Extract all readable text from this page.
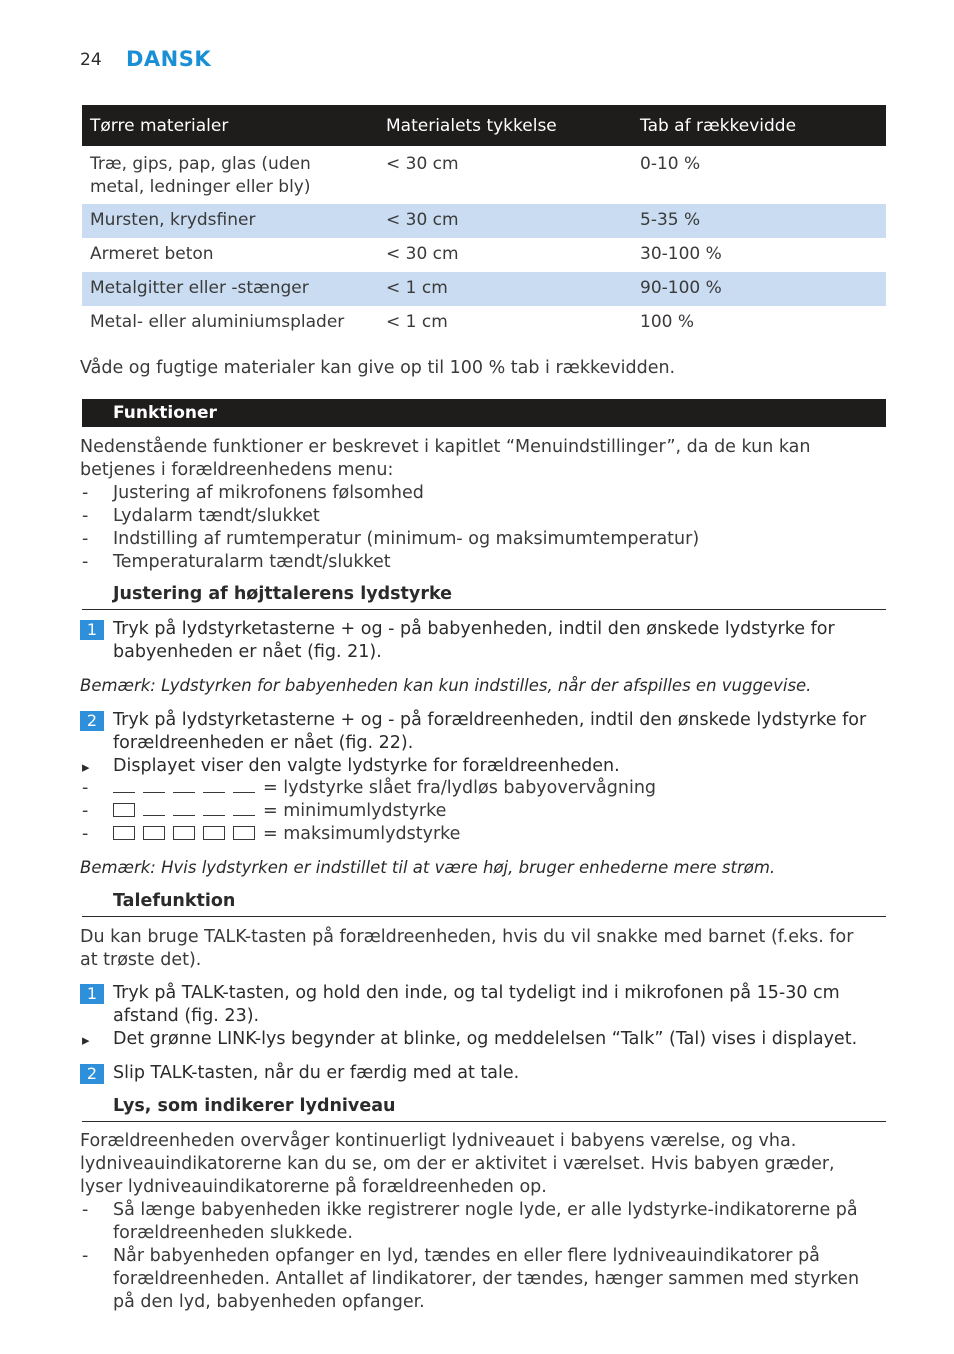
24 DANSK
Tørre materialer	Materialets tykkelse	Tab af rækkevidde
Træ, gips, pap, glas (uden metal, ledninger eller bly)	< 30 cm	0-10 %
Mursten, krydsfiner	< 30 cm	5-35 %
Armeret beton	< 30 cm	30-100 %
Metalgitter eller -stænger	< 1 cm	90-100 %
Metal- eller aluminiumsplader	< 1 cm	100 %
Våde og fugtige materialer kan give op til 100 % tab i rækkevidden.
Funktioner
Nedenstående funktioner er beskrevet i kapitlet “Menuindstillinger”, da de kun kan betjenes i forældreenhedens menu:
- Justering af mikrofonens følsomhed
- Lydalarm tændt/slukket
- Indstilling af rumtemperatur (minimum- og maksimumtemperatur)
- Temperaturalarm tændt/slukket
Justering af højttalerens lydstyrke
1 Tryk på lydstyrketasterne + og - på babyenheden, indtil den ønskede lydstyrke for babyenheden er nået (fig. 21).
Bemærk: Lydstyrken for babyenheden kan kun indstilles, når der afspilles en vuggevise.
2 Tryk på lydstyrketasterne + og - på forældreenheden, indtil den ønskede lydstyrke for forældreenheden er nået (fig. 22).
▸ Displayet viser den valgte lydstyrke for forældreenheden.
-	= lydstyrke slået fra/lydløs babyovervågning
-	= minimumlydstyrke
-	= maksimumlydstyrke
Bemærk: Hvis lydstyrken er indstillet til at være høj, bruger enhederne mere strøm.
Talefunktion
Du kan bruge TALK-tasten på forældreenheden, hvis du vil snakke med barnet (f.eks. for at trøste det).
1 Tryk på TALK-tasten, og hold den inde, og tal tydeligt ind i mikrofonen på 15-30 cm afstand (fig. 23).
▸ Det grønne LINK-lys begynder at blinke, og meddelelsen “Talk” (Tal) vises i displayet.
2 Slip TALK-tasten, når du er færdig med at tale.
Lys, som indikerer lydniveau
Forældreenheden overvåger kontinuerligt lydniveauet i babyens værelse, og vha. lydniveauindikatorerne kan du se, om der er aktivitet i værelset. Hvis babyen græder, lyser lydniveauindikatorerne på forældreenheden op.
- Så længe babyenheden ikke registrerer nogle lyde, er alle lydstyrke-indikatorerne på forældreenheden slukkede.
- Når babyenheden opfanger en lyd, tændes en eller flere lydniveauindikatorer på forældreenheden. Antallet af lindikatorer, der tændes, hænger sammen med styrken på den lyd, babyenheden opfanger.
